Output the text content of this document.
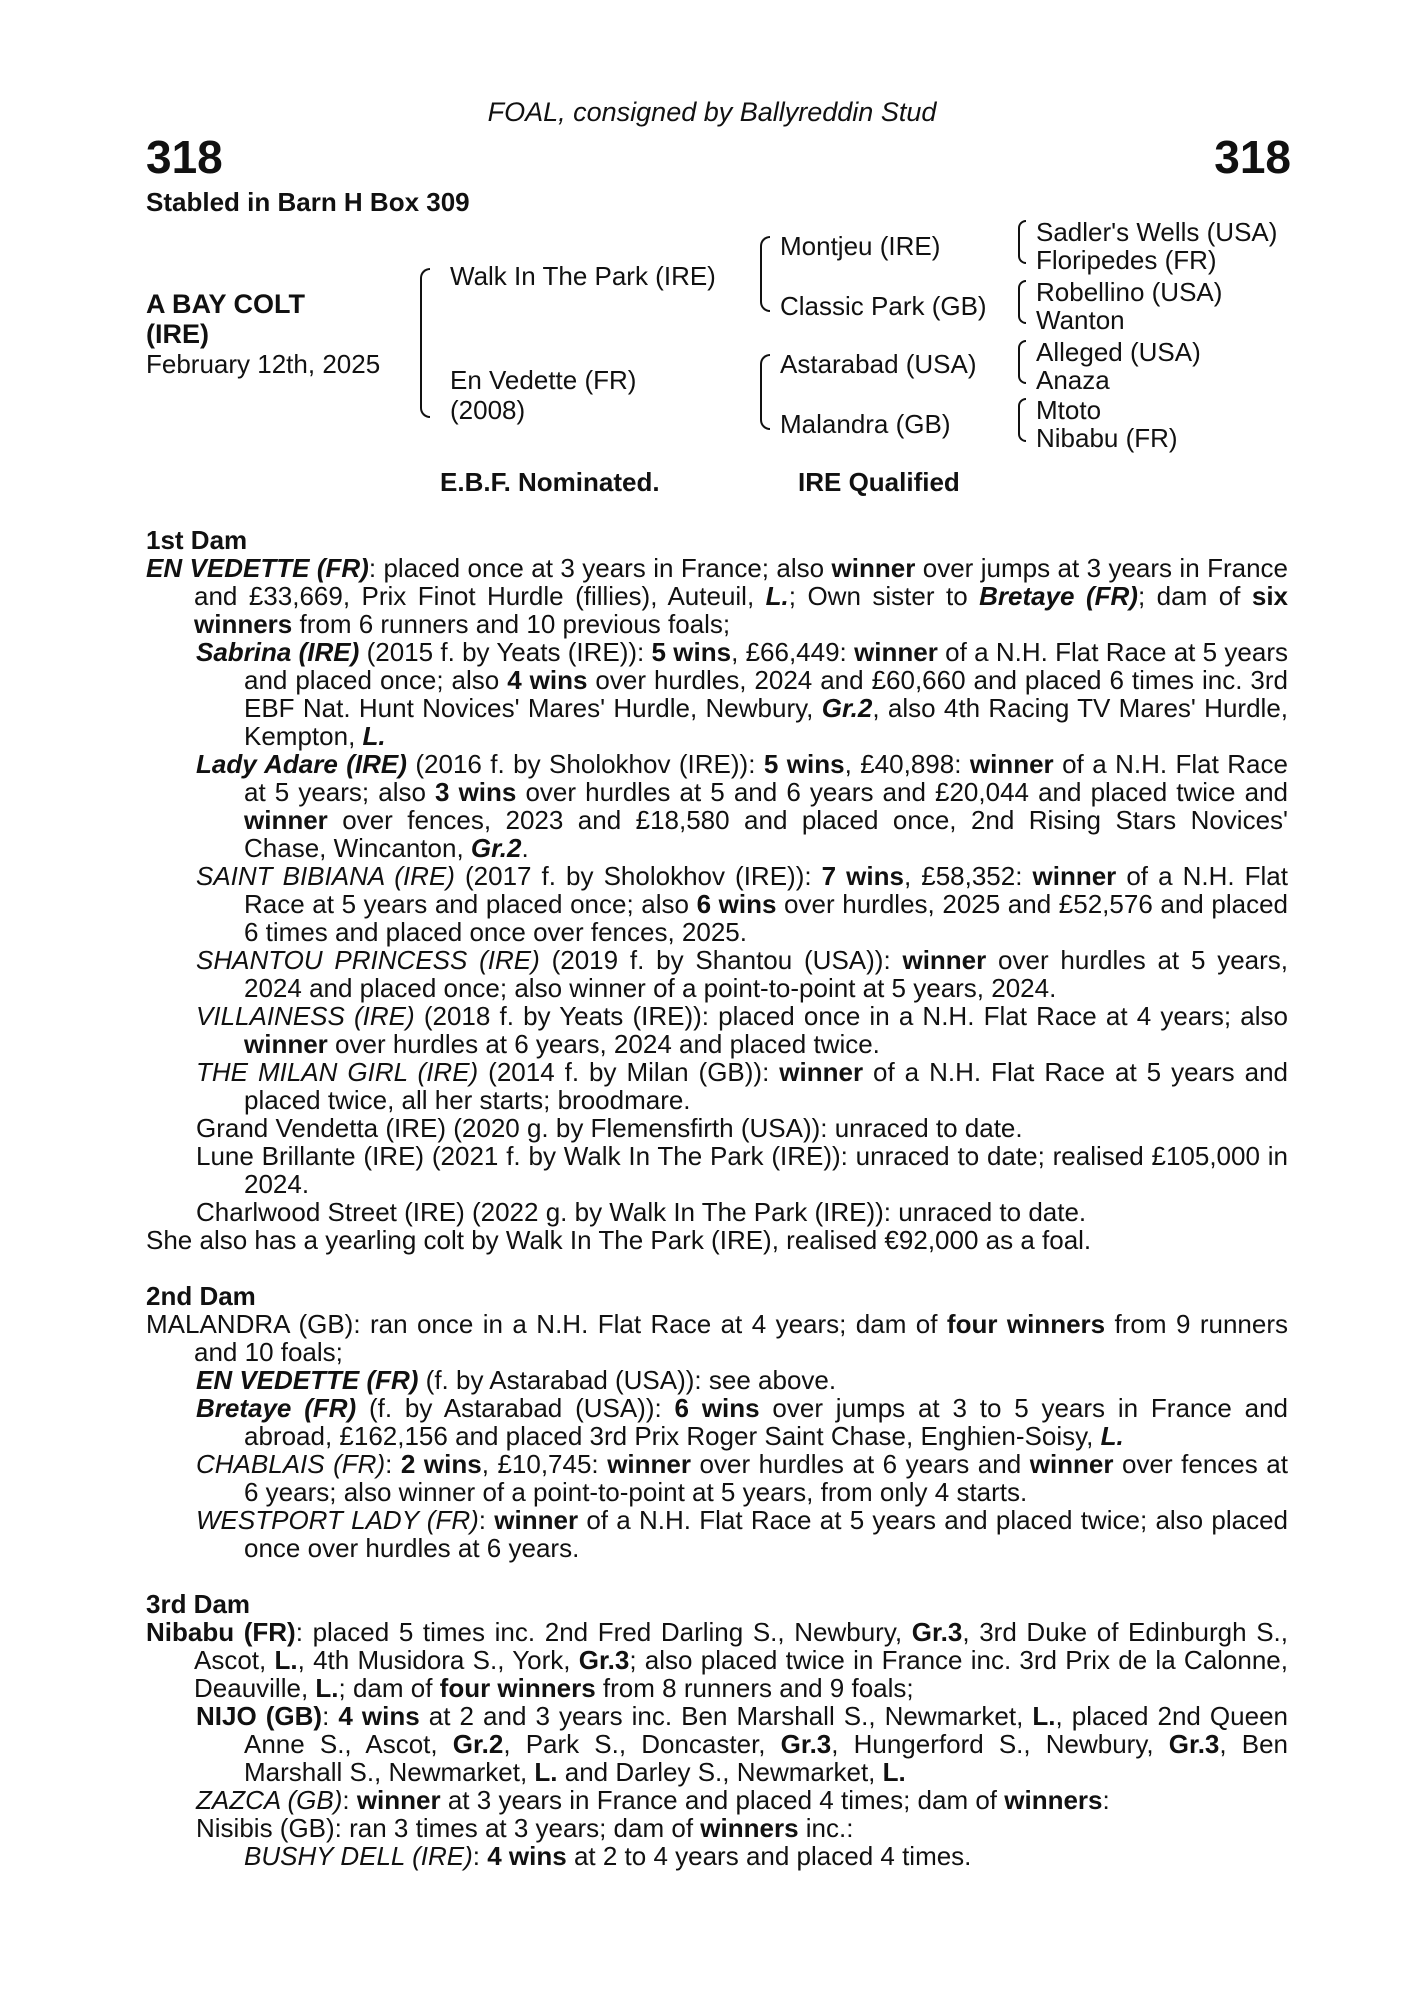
FOAL, consigned by Ballyreddin Stud
318	318
Stabled in Barn H Box 309
A BAY COLT
(IRE)
February 12th, 2025
Walk In The Park (IRE)
En Vedette (FR)
(2008)
Montjeu (IRE)
Classic Park (GB)
Astarabad (USA)
Malandra (GB)
Sadler's Wells (USA)
Floripedes (FR)
Robellino (USA)
Wanton
Alleged (USA)
Anaza
Mtoto
Nibabu (FR)
E.B.F. Nominated.	IRE Qualified
1st Dam
EN VEDETTE (FR): placed once at 3 years in France; also winner over jumps at 3 years in France and £33,669, Prix Finot Hurdle (fillies), Auteuil, L.; Own sister to Bretaye (FR); dam of six winners from 6 runners and 10 previous foals;
Sabrina (IRE) (2015 f. by Yeats (IRE)): 5 wins, £66,449: winner of a N.H. Flat Race at 5 years and placed once; also 4 wins over hurdles, 2024 and £60,660 and placed 6 times inc. 3rd EBF Nat. Hunt Novices' Mares' Hurdle, Newbury, Gr.2, also 4th Racing TV Mares' Hurdle, Kempton, L.
Lady Adare (IRE) (2016 f. by Sholokhov (IRE)): 5 wins, £40,898: winner of a N.H. Flat Race at 5 years; also 3 wins over hurdles at 5 and 6 years and £20,044 and placed twice and winner over fences, 2023 and £18,580 and placed once, 2nd Rising Stars Novices' Chase, Wincanton, Gr.2.
SAINT BIBIANA (IRE) (2017 f. by Sholokhov (IRE)): 7 wins, £58,352: winner of a N.H. Flat Race at 5 years and placed once; also 6 wins over hurdles, 2025 and £52,576 and placed 6 times and placed once over fences, 2025.
SHANTOU PRINCESS (IRE) (2019 f. by Shantou (USA)): winner over hurdles at 5 years, 2024 and placed once; also winner of a point-to-point at 5 years, 2024.
VILLAINESS (IRE) (2018 f. by Yeats (IRE)): placed once in a N.H. Flat Race at 4 years; also winner over hurdles at 6 years, 2024 and placed twice.
THE MILAN GIRL (IRE) (2014 f. by Milan (GB)): winner of a N.H. Flat Race at 5 years and placed twice, all her starts; broodmare.
Grand Vendetta (IRE) (2020 g. by Flemensfirth (USA)): unraced to date.
Lune Brillante (IRE) (2021 f. by Walk In The Park (IRE)): unraced to date; realised £105,000 in 2024.
Charlwood Street (IRE) (2022 g. by Walk In The Park (IRE)): unraced to date.
She also has a yearling colt by Walk In The Park (IRE), realised €92,000 as a foal.
2nd Dam
MALANDRA (GB): ran once in a N.H. Flat Race at 4 years; dam of four winners from 9 runners and 10 foals;
EN VEDETTE (FR) (f. by Astarabad (USA)): see above.
Bretaye (FR) (f. by Astarabad (USA)): 6 wins over jumps at 3 to 5 years in France and abroad, £162,156 and placed 3rd Prix Roger Saint Chase, Enghien-Soisy, L.
CHABLAIS (FR): 2 wins, £10,745: winner over hurdles at 6 years and winner over fences at 6 years; also winner of a point-to-point at 5 years, from only 4 starts.
WESTPORT LADY (FR): winner of a N.H. Flat Race at 5 years and placed twice; also placed once over hurdles at 6 years.
3rd Dam
Nibabu (FR): placed 5 times inc. 2nd Fred Darling S., Newbury, Gr.3, 3rd Duke of Edinburgh S., Ascot, L., 4th Musidora S., York, Gr.3; also placed twice in France inc. 3rd Prix de la Calonne, Deauville, L.; dam of four winners from 8 runners and 9 foals;
NIJO (GB): 4 wins at 2 and 3 years inc. Ben Marshall S., Newmarket, L., placed 2nd Queen Anne S., Ascot, Gr.2, Park S., Doncaster, Gr.3, Hungerford S., Newbury, Gr.3, Ben Marshall S., Newmarket, L. and Darley S., Newmarket, L.
ZAZCA (GB): winner at 3 years in France and placed 4 times; dam of winners:
Nisibis (GB): ran 3 times at 3 years; dam of winners inc.:
BUSHY DELL (IRE): 4 wins at 2 to 4 years and placed 4 times.
